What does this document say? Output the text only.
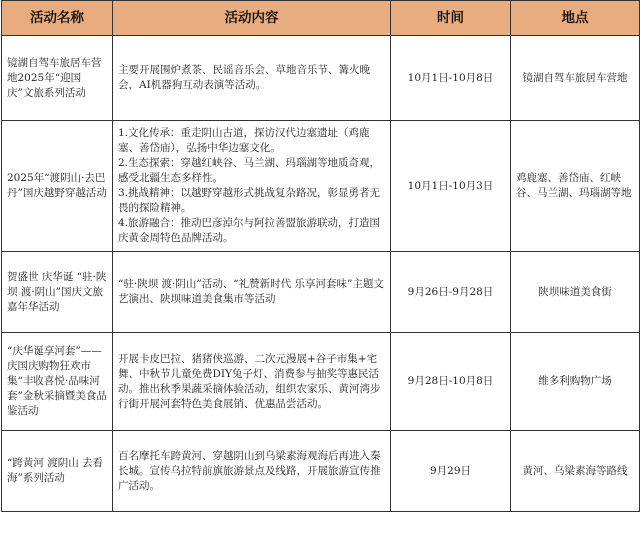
活动名称	活动内容	时间	地点
镜湖自驾车旅居车营地2025年“迎国庆”文旅系列活动	主要开展围炉煮茶、民谣音乐会、草地音乐节、篝火晚会，AI机器狗互动表演等活动。	10月1日-10月8日	镜湖自驾车旅居车营地
2025年“渡阴山·去巴丹”国庆越野穿越活动	1.文化传承：重走阴山古道，探访汉代边塞遗址（鸡鹿塞、善岱庙），弘扬中华边塞文化。
2.生态探索：穿越红峡谷、马兰湖、玛瑙湖等地质奇观，感受北疆生态多样性。
3.挑战精神：以越野穿越形式挑战复杂路况，彰显勇者无畏的探险精神。
4.旅游融合：推动巴彦淖尔与阿拉善盟旅游联动，打造国庆黄金周特色品牌活动。	10月1日-10月3日	鸡鹿塞、善岱庙、红峡谷、马兰湖、玛瑙湖等地
贺盛世 庆华诞 “驻·陕坝 渡·阴山”国庆文旅嘉年华活动	“驻·陕坝 渡·阴山”活动、“礼赞新时代 乐享河套味”主题文艺演出、陕坝味道美食集市等活动	9月26日-9月28日	陕坝味道美食街
“庆华诞享河套”——庆国庆购物狂欢市集“丰收喜悦·品味河套”金秋采摘暨美食品鉴活动	开展卡皮巴拉、猪猪侠巡游、二次元漫展+谷子市集+宅舞、中秋节儿童免费DIY兔子灯、消费参与抽奖等惠民活动。推出秋季果蔬采摘体验活动，组织农家乐、黄河湾步行街开展河套特色美食展销、优惠品尝活动。	9月28日-10月8日	维多利购物广场
“跨黄河 渡阴山 去看海”系列活动	百名摩托车跨黄河、穿越阴山到乌梁素海观海后再进入秦长城。宣传乌拉特前旗旅游景点及线路，开展旅游宣传推广活动。	9月29日	黄河、乌梁素海等路线
